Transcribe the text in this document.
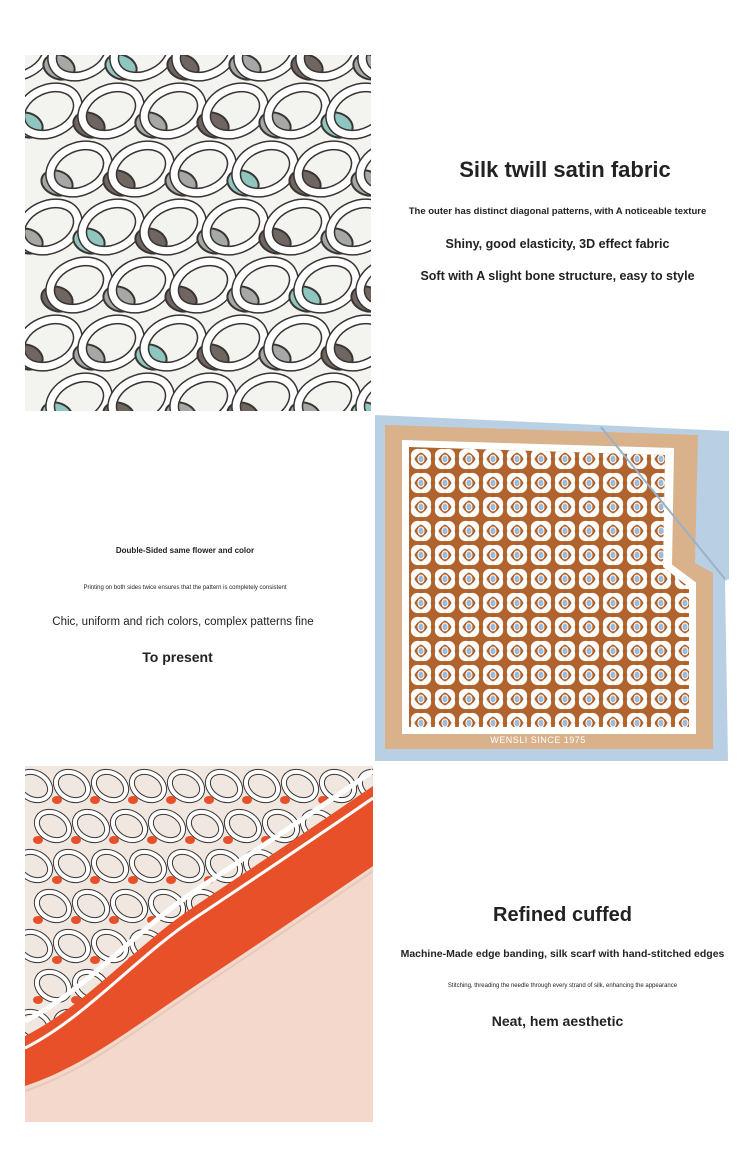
Silk twill satin fabric
The outer has distinct diagonal patterns, with A noticeable texture
Shiny, good elasticity, 3D effect fabric
Soft with A slight bone structure, easy to style
Double-Sided same flower and color
Printing on both sides twice ensures that the pattern is completely consistent
Chic, uniform and rich colors, complex patterns fine
To present
WENSLI SINCE 1975
Refined cuffed
Machine-Made edge banding, silk scarf with hand-stitched edges
Stitching, threading the needle through every strand of silk, enhancing the appearance
Neat, hem aesthetic
